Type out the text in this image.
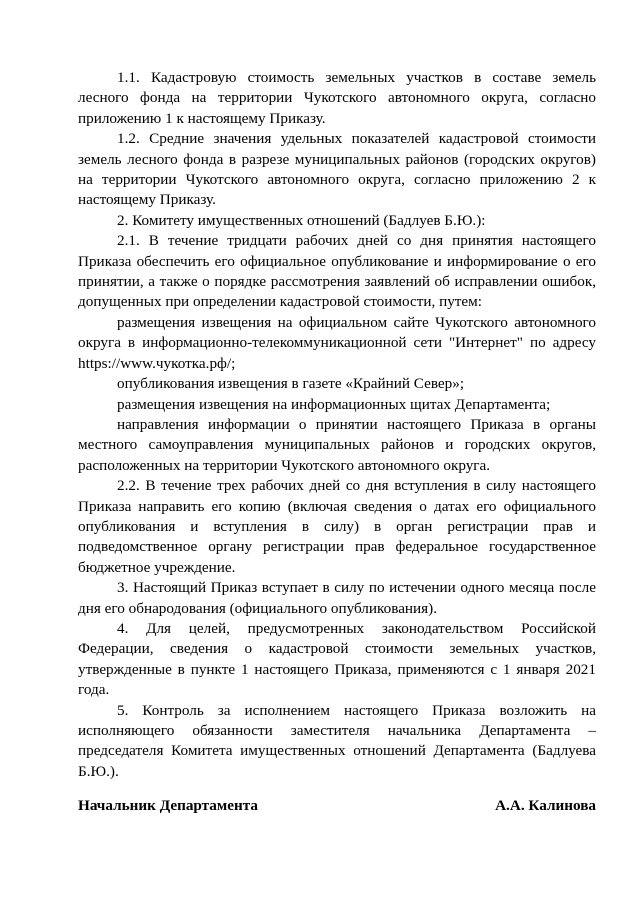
1.1. Кадастровую стоимость земельных участков в составе земель лесного фонда на территории Чукотского автономного округа, согласно приложению 1 к настоящему Приказу.

1.2. Средние значения удельных показателей кадастровой стоимости земель лесного фонда в разрезе муниципальных районов (городских округов) на территории Чукотского автономного округа, согласно приложению 2 к настоящему Приказу.

2. Комитету имущественных отношений (Бадлуев Б.Ю.):

2.1. В течение тридцати рабочих дней со дня принятия настоящего Приказа обеспечить его официальное опубликование и информирование о его принятии, а также о порядке рассмотрения заявлений об исправлении ошибок, допущенных при определении кадастровой стоимости, путем:

размещения извещения на официальном сайте Чукотского автономного округа в информационно-телекоммуникационной сети "Интернет" по адресу https://www.чукотка.рф/;

опубликования извещения в газете «Крайний Север»;

размещения извещения на информационных щитах Департамента;

направления информации о принятии настоящего Приказа в органы местного самоуправления муниципальных районов и городских округов, расположенных на территории Чукотского автономного округа.

2.2. В течение трех рабочих дней со дня вступления в силу настоящего Приказа направить его копию (включая сведения о датах его официального опубликования и вступления в силу) в орган регистрации прав и подведомственное органу регистрации прав федеральное государственное бюджетное учреждение.

3. Настоящий Приказ вступает в силу по истечении одного месяца после дня его обнародования (официального опубликования).

4. Для целей, предусмотренных законодательством Российской Федерации, сведения о кадастровой стоимости земельных участков, утвержденные в пункте 1 настоящего Приказа, применяются с 1 января 2021 года.

5. Контроль за исполнением настоящего Приказа возложить на исполняющего обязанности заместителя начальника Департамента – председателя Комитета имущественных отношений Департамента (Бадлуева Б.Ю.).

Начальник Департамента	А.А. Калинова
